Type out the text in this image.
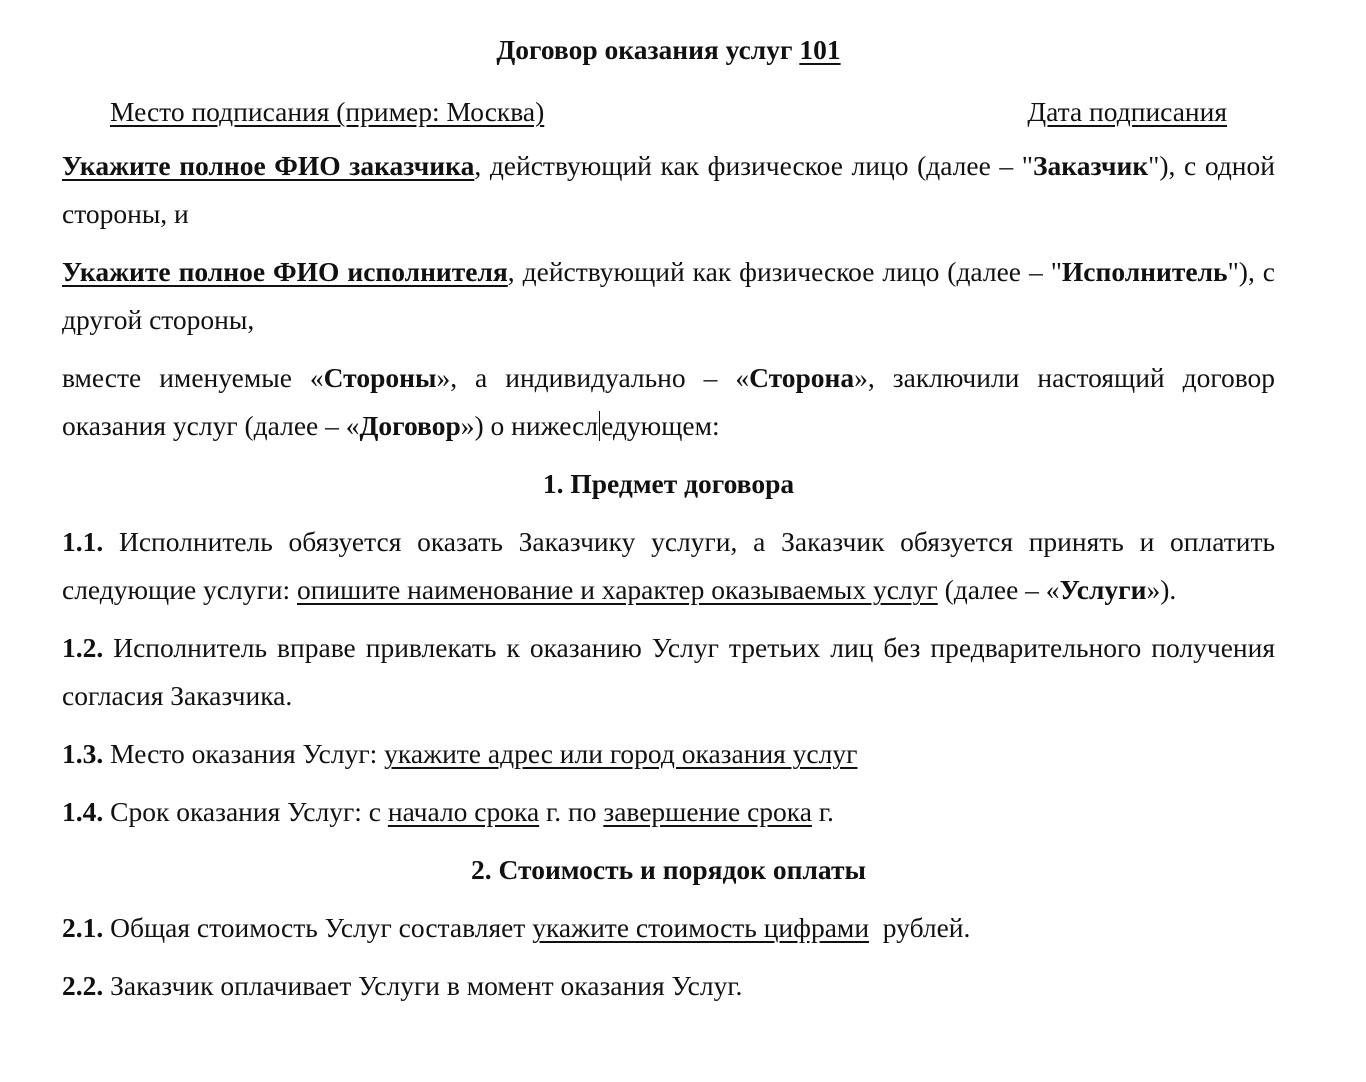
Договор оказания услуг 101
Место подписания (пример: Москва)	Дата подписания

Укажите полное ФИО заказчика, действующий как физическое лицо (далее – "Заказчик"), с одной стороны, и

Укажите полное ФИО исполнителя, действующий как физическое лицо (далее – "Исполнитель"), с другой стороны,

вместе именуемые «Стороны», а индивидуально – «Сторона», заключили настоящий договор оказания услуг (далее – «Договор») о нижесл едующем:

1. Предмет договора

1.1. Исполнитель обязуется оказать Заказчику услуги, а Заказчик обязуется принять и оплатить следующие услуги: опишите наименование и характер оказываемых услуг (далее – «Услуги»).

1.2. Исполнитель вправе привлекать к оказанию Услуг третьих лиц без предварительного получения согласия Заказчика.

1.3. Место оказания Услуг: укажите адрес или город оказания услуг

1.4. Срок оказания Услуг: с начало срока г. по завершение срока г.

2. Стоимость и порядок оплаты

2.1. Общая стоимость Услуг составляет укажите стоимость цифрами  рублей.

2.2. Заказчик оплачивает Услуги в момент оказания Услуг.
